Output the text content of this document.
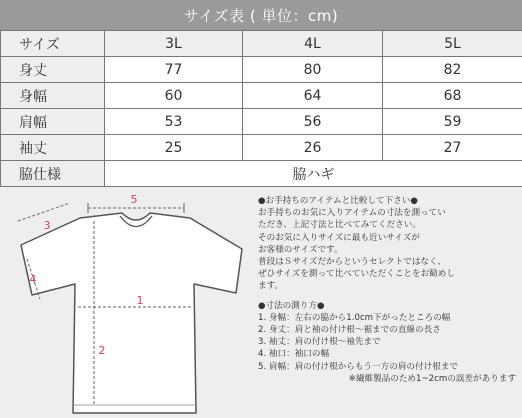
サイズ表 ( 単位：cm)
サイズ	3L	4L	5L
身丈	77	80	82
身幅	60	64	68
肩幅	53	56	59
袖丈	25	26	27
脇仕様	脇ハギ		
5
1
2
3
4
●お手持ちのアイテムと比較して下さい●
お手持ちのお気に入りアイテムの寸法を測ってい
ただき、上記寸法と比べてみてください。
そのお気に入りサイズに最も近いサイズが
お客様のサイズです。
普段はＳサイズだからというセレクトではなく、
ぜひサイズを測って比べていただくことをお勧めし
ます。
●寸法の測り方●
1. 身幅：左右の脇から1.0cm下がったところの幅
2. 身丈：肩と袖の付け根～裾までの直線の長さ
3. 袖丈：肩の付け根～袖先まで
4. 袖口：袖口の幅
5. 肩幅：肩の付け根からもう一方の肩の付け根まで
※繊維製品のため1~2cmの誤差があります
